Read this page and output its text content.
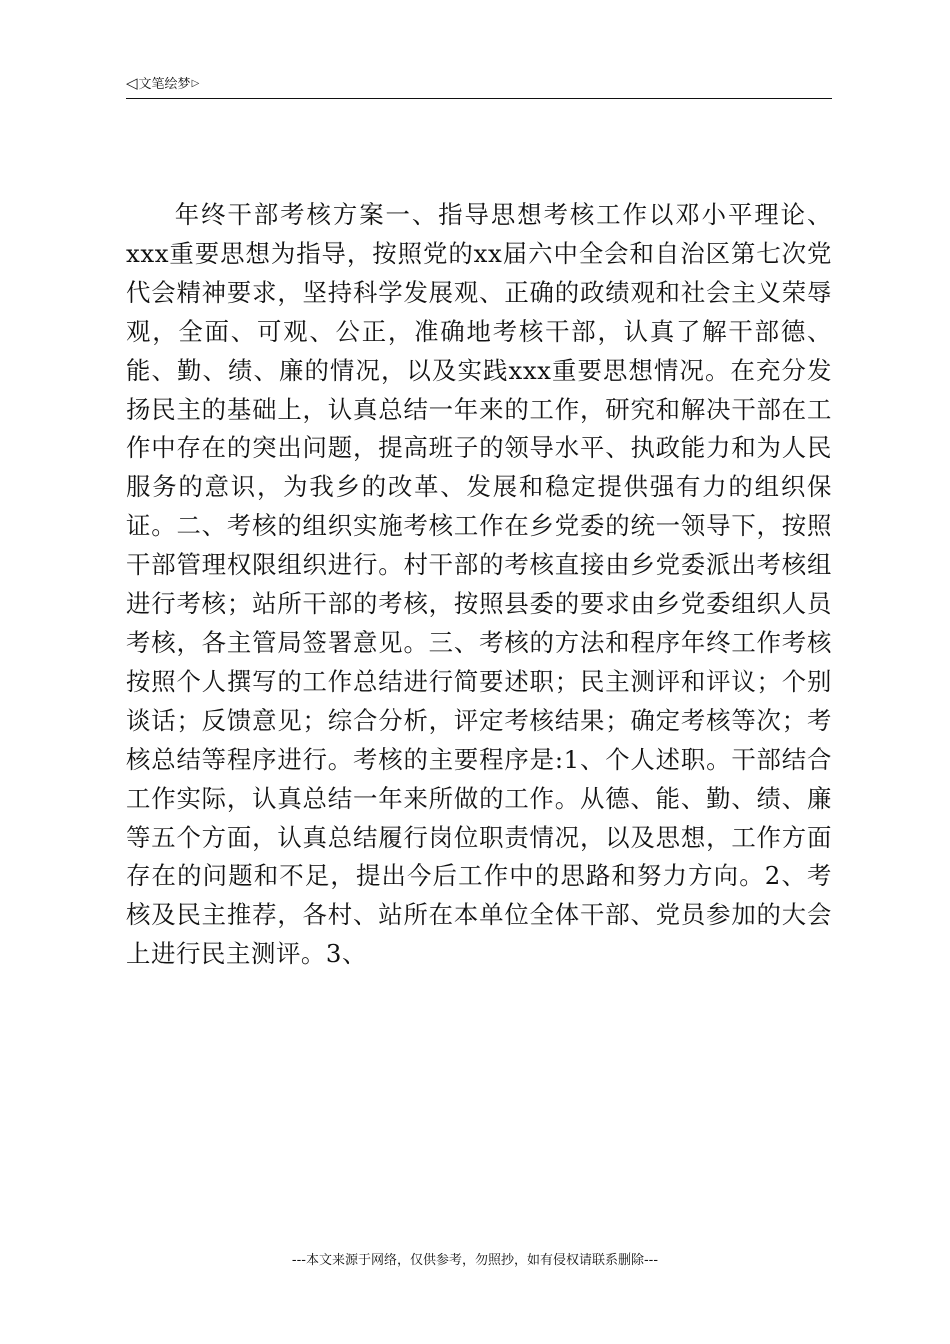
◁文笔绘梦▷

年终干部考核方案一、指导思想考核工作以邓小平理论、xxx重要思想为指导，按照党的xx届六中全会和自治区第七次党代会精神要求，坚持科学发展观、正确的政绩观和社会主义荣辱观，全面、可观、公正，准确地考核干部，认真了解干部德、能、勤、绩、廉的情况，以及实践xxx重要思想情况。在充分发扬民主的基础上，认真总结一年来的工作，研究和解决干部在工作中存在的突出问题，提高班子的领导水平、执政能力和为人民服务的意识，为我乡的改革、发展和稳定提供强有力的组织保证。二、考核的组织实施考核工作在乡党委的统一领导下，按照干部管理权限组织进行。村干部的考核直接由乡党委派出考核组进行考核；站所干部的考核，按照县委的要求由乡党委组织人员考核，各主管局签署意见。三、考核的方法和程序年终工作考核按照个人撰写的工作总结进行简要述职；民主测评和评议；个别谈话；反馈意见；综合分析，评定考核结果；确定考核等次；考核总结等程序进行。考核的主要程序是:1、个人述职。干部结合工作实际，认真总结一年来所做的工作。从德、能、勤、绩、廉等五个方面，认真总结履行岗位职责情况，以及思想，工作方面存在的问题和不足，提出今后工作中的思路和努力方向。2、考核及民主推荐，各村、站所在本单位全体干部、党员参加的大会上进行民主测评。3、

---本文来源于网络，仅供参考，勿照抄，如有侵权请联系删除---
